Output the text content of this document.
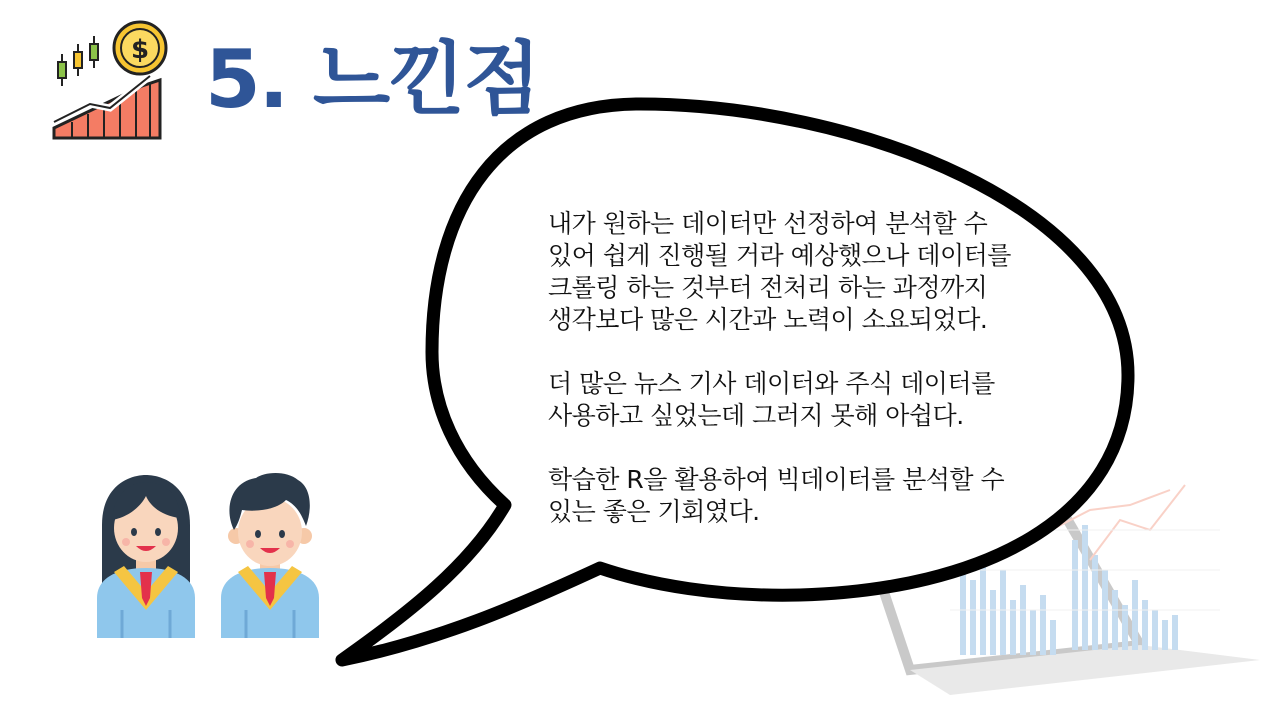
$ 5. 느낀점

내가 원하는 데이터만 선정하여 분석할 수
있어 쉽게 진행될 거라 예상했으나 데이터를
크롤링 하는 것부터 전처리 하는 과정까지
생각보다 많은 시간과 노력이 소요되었다.

더 많은 뉴스 기사 데이터와 주식 데이터를
사용하고 싶었는데 그러지 못해 아쉽다.

학습한 R을 활용하여 빅데이터를 분석할 수
있는 좋은 기회였다.
